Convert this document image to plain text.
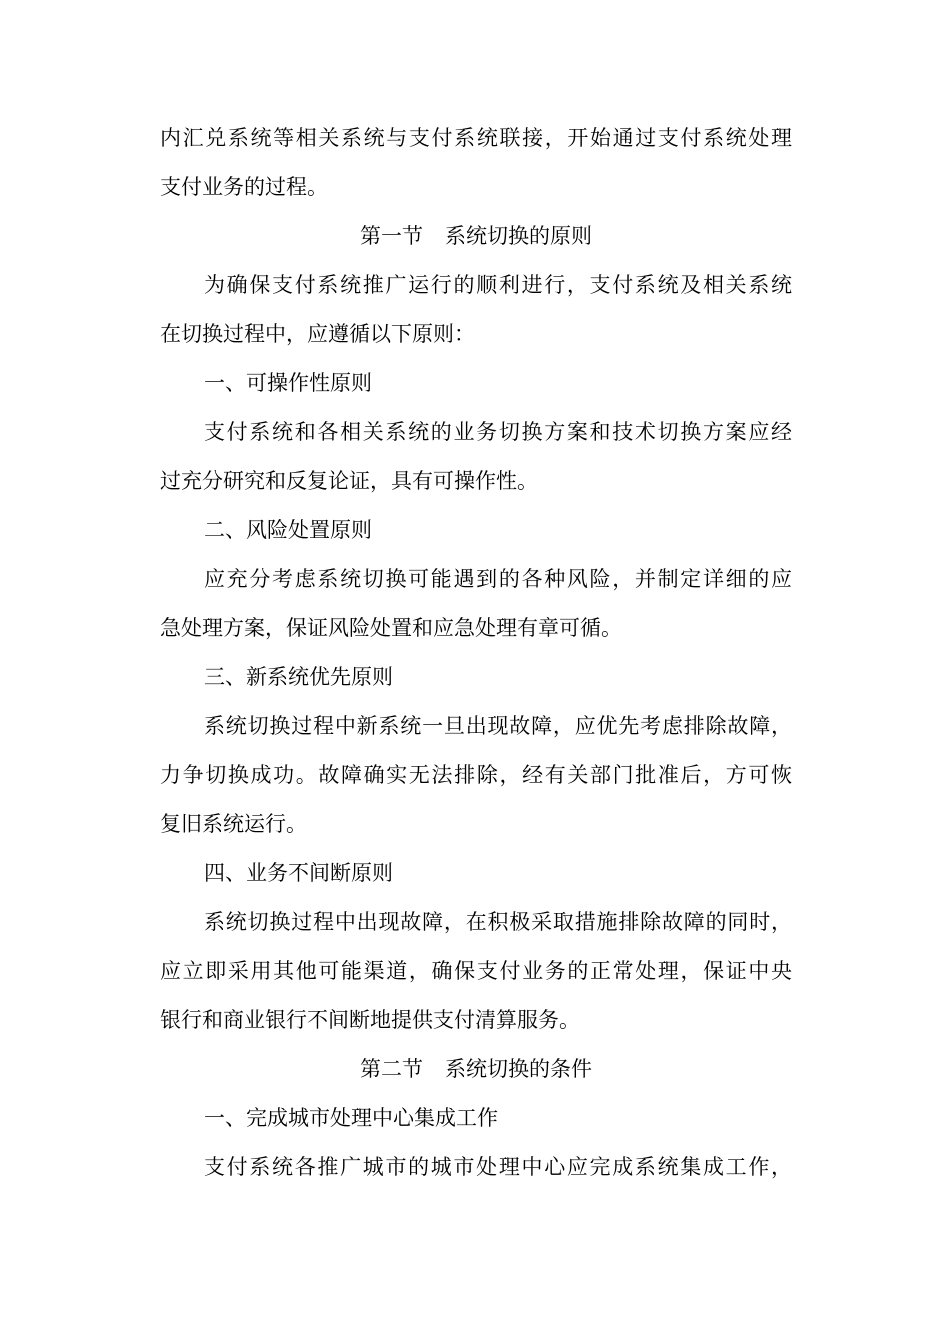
内汇兑系统等相关系统与支付系统联接，开始通过支付系统处理
支付业务的过程。
第一节 系统切换的原则
为确保支付系统推广运行的顺利进行，支付系统及相关系统
在切换过程中，应遵循以下原则：
一、可操作性原则
支付系统和各相关系统的业务切换方案和技术切换方案应经
过充分研究和反复论证，具有可操作性。
二、风险处置原则
应充分考虑系统切换可能遇到的各种风险，并制定详细的应
急处理方案，保证风险处置和应急处理有章可循。
三、新系统优先原则
系统切换过程中新系统一旦出现故障，应优先考虑排除故障，
力争切换成功。故障确实无法排除，经有关部门批准后，方可恢
复旧系统运行。
四、业务不间断原则
系统切换过程中出现故障，在积极采取措施排除故障的同时，
应立即采用其他可能渠道，确保支付业务的正常处理，保证中央
银行和商业银行不间断地提供支付清算服务。
第二节 系统切换的条件
一、完成城市处理中心集成工作
支付系统各推广城市的城市处理中心应完成系统集成工作，
